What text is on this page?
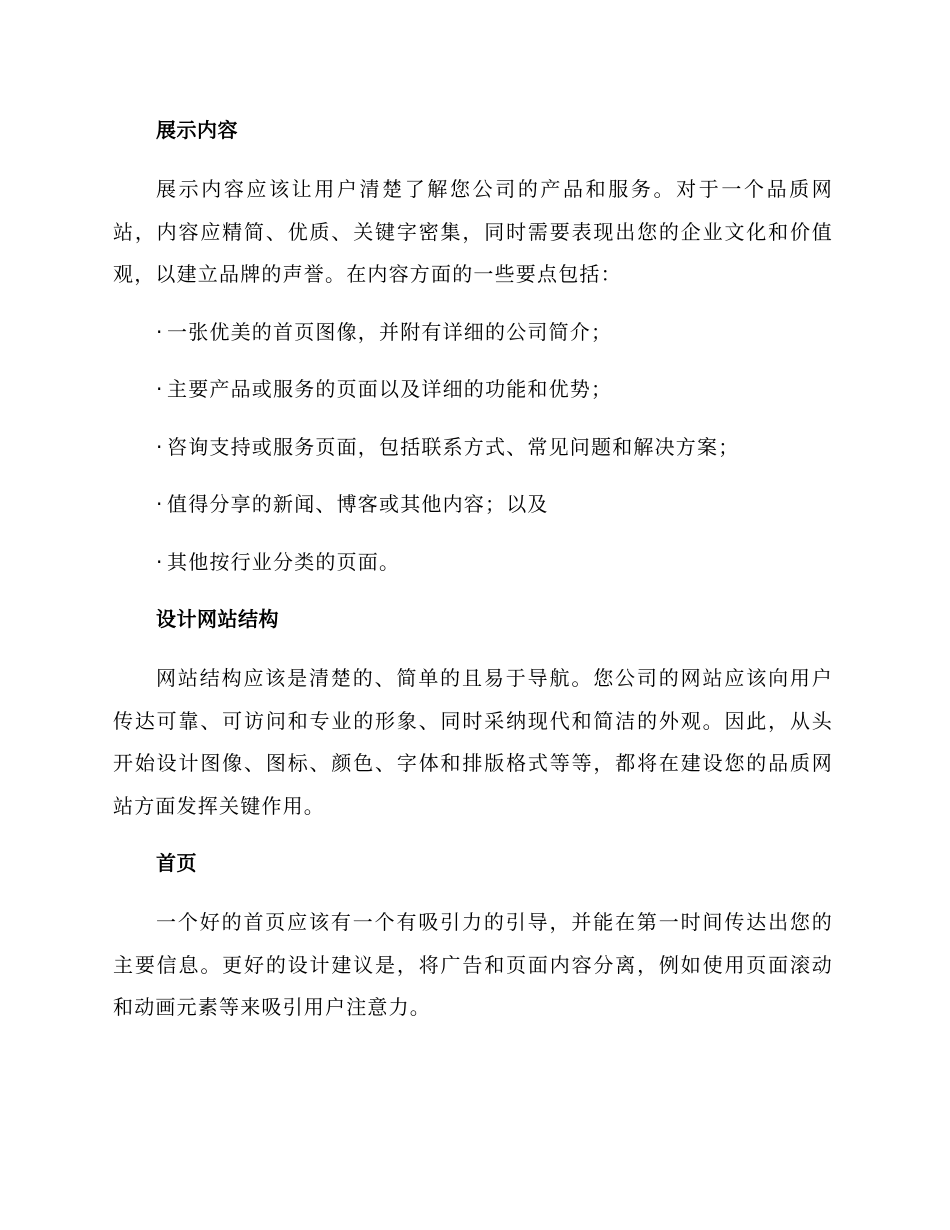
展示内容

展示内容应该让用户清楚了解您公司的产品和服务。对于一个品质网站，内容应精简、优质、关键字密集，同时需要表现出您的企业文化和价值观，以建立品牌的声誉。在内容方面的一些要点包括：

· 一张优美的首页图像，并附有详细的公司简介；
· 主要产品或服务的页面以及详细的功能和优势；
· 咨询支持或服务页面，包括联系方式、常见问题和解决方案；
· 值得分享的新闻、博客或其他内容；以及
· 其他按行业分类的页面。
设计网站结构

网站结构应该是清楚的、简单的且易于导航。您公司的网站应该向用户传达可靠、可访问和专业的形象、同时采纳现代和简洁的外观。因此，从头开始设计图像、图标、颜色、字体和排版格式等等，都将在建设您的品质网站方面发挥关键作用。

首页

一个好的首页应该有一个有吸引力的引导，并能在第一时间传达出您的主要信息。更好的设计建议是，将广告和页面内容分离，例如使用页面滚动和动画元素等来吸引用户注意力。
